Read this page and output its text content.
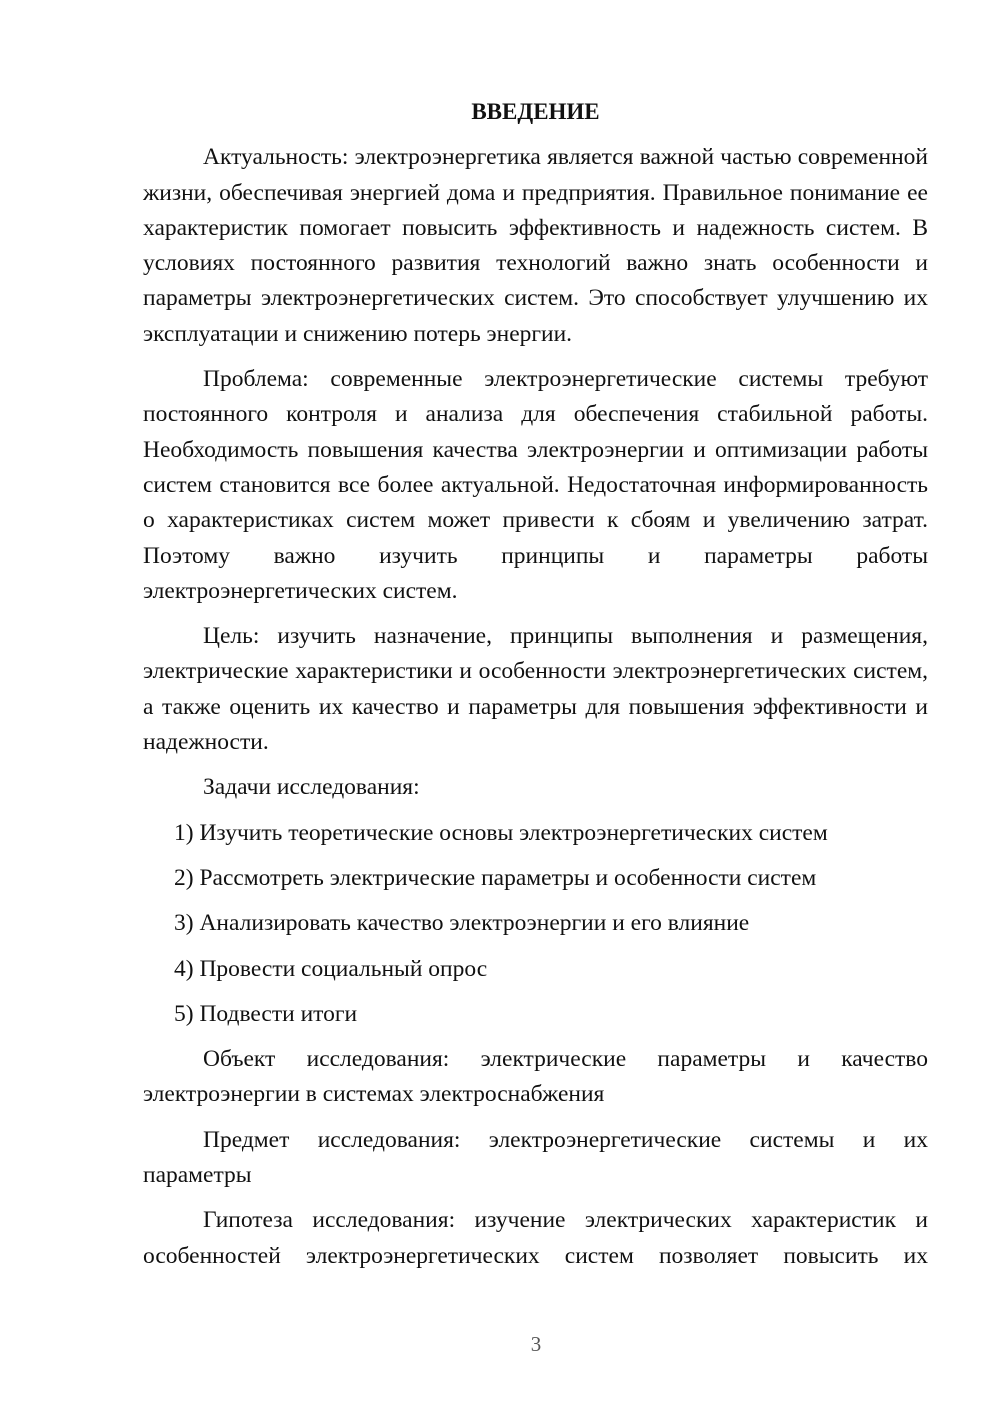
ВВЕДЕНИЕ
Актуальность: электроэнергетика является важной частью современной жизни, обеспечивая энергией дома и предприятия. Правильное понимание ее характеристик помогает повысить эффективность и надежность систем. В условиях постоянного развития технологий важно знать особенности и параметры электроэнергетических систем. Это способствует улучшению их эксплуатации и снижению потерь энергии.
Проблема: современные электроэнергетические системы требуют постоянного контроля и анализа для обеспечения стабильной работы. Необходимость повышения качества электроэнергии и оптимизации работы систем становится все более актуальной. Недостаточная информированность о характеристиках систем может привести к сбоям и увеличению затрат. Поэтому важно изучить принципы и параметры работы электроэнергетических систем.
Цель: изучить назначение, принципы выполнения и размещения, электрические характеристики и особенности электроэнергетических систем, а также оценить их качество и параметры для повышения эффективности и надежности.
Задачи исследования:
1) Изучить теоретические основы электроэнергетических систем
2) Рассмотреть электрические параметры и особенности систем
3) Анализировать качество электроэнергии и его влияние
4) Провести социальный опрос
5) Подвести итоги
Объект исследования: электрические параметры и качество электроэнергии в системах электроснабжения
Предмет исследования: электроэнергетические системы и их параметры
Гипотеза исследования: изучение электрических характеристик и особенностей электроэнергетических систем позволяет повысить их
3
